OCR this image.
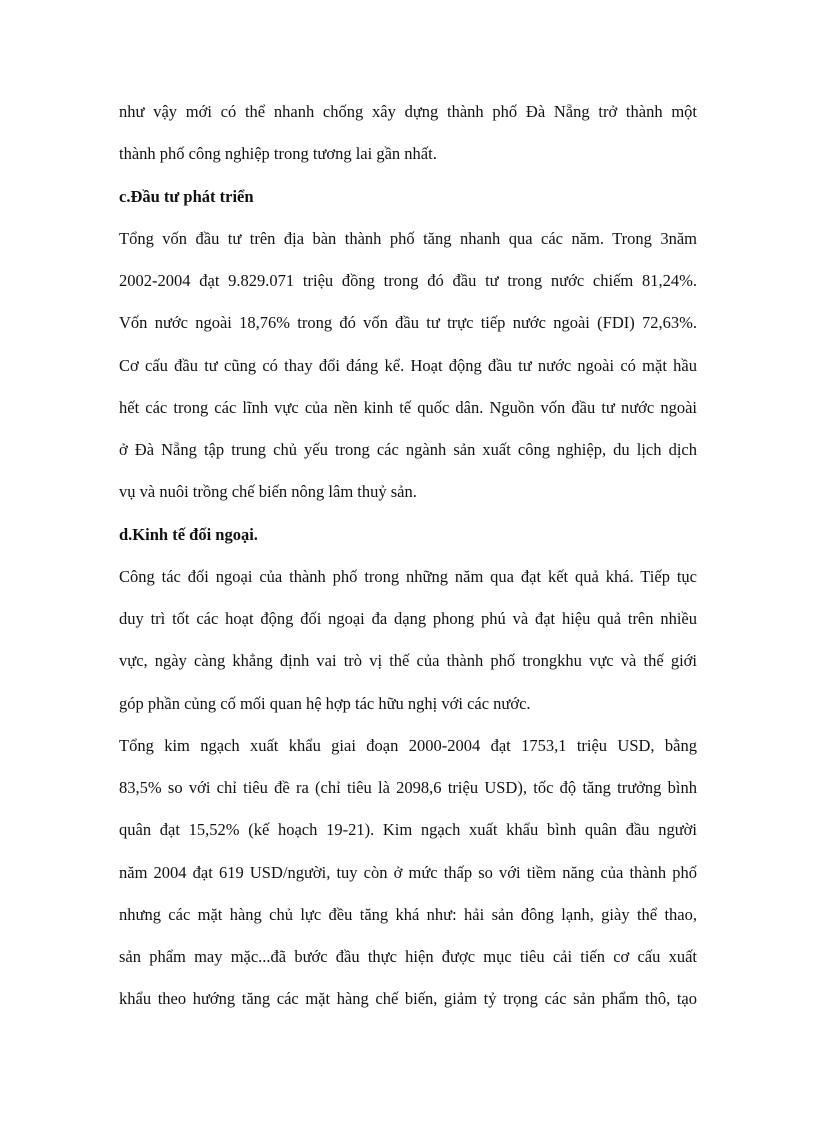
như vậy mới có thể nhanh chống xây dựng thành phố Đà Nẵng trở thành một

thành phố công nghiệp trong tương lai gần nhất.

c.Đầu tư phát triển

Tổng vốn đầu tư trên địa bàn thành phố tăng nhanh qua các năm. Trong 3năm

2002-2004 đạt 9.829.071 triệu đồng trong đó đầu tư trong nước chiếm 81,24%.

Vốn nước ngoài 18,76% trong đó vốn đầu tư trực tiếp nước ngoài (FDI) 72,63%.

Cơ cấu đầu tư cũng có thay đổi đáng kể. Hoạt động đầu tư nước ngoài có mặt hầu

hết các trong các lĩnh vực của nền kinh tế quốc dân. Nguồn vốn đầu tư nước ngoài

ở Đà Nẵng tập trung chủ yếu trong các ngành sản xuất công nghiệp, du lịch dịch

vụ và nuôi trồng chế biến nông lâm thuỷ sản.

d.Kinh tế đối ngoại.

Công tác đối ngoại của thành phố trong những năm qua đạt kết quả khá. Tiếp tục

duy trì tốt các hoạt động đối ngoại đa dạng phong phú và đạt hiệu quả trên nhiều

vực, ngày càng khẳng định vai trò vị thế của thành phố trongkhu vực và thế giới

góp phần củng cố mối quan hệ hợp tác hữu nghị với các nước.

Tổng kim ngạch xuất khẩu giai đoạn 2000-2004 đạt 1753,1 triệu USD, bằng

83,5% so với chỉ tiêu đề ra (chỉ tiêu là 2098,6 triệu USD), tốc độ tăng trưởng bình

quân đạt 15,52% (kế hoạch 19-21). Kim ngạch xuất khẩu bình quân đầu người

năm 2004 đạt 619 USD/người, tuy còn ở mức thấp so với tiềm năng của thành phố

nhưng các mặt hàng chủ lực đều tăng khá như: hải sản đông lạnh, giày thể thao,

sản phẩm may mặc...đã bước đầu thực hiện được mục tiêu cải tiến cơ cấu xuất

khẩu theo hướng tăng các mặt hàng chế biến, giảm tỷ trọng các sản phẩm thô, tạo
